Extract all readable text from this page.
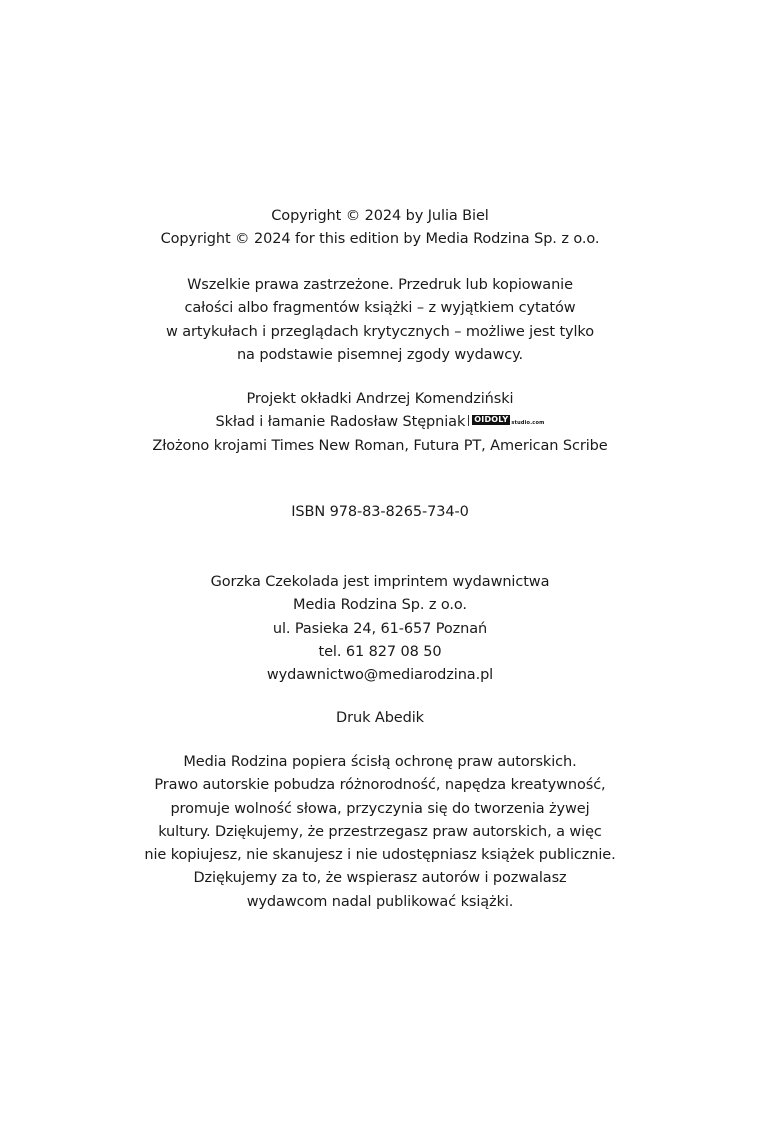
Copyright © 2024 by Julia Biel
Copyright © 2024 for this edition by Media Rodzina Sp. z o.o.
Wszelkie prawa zastrzeżone. Przedruk lub kopiowanie
całości albo fragmentów książki – z wyjątkiem cytatów
w artykułach i przeglądach krytycznych – możliwe jest tylko
na podstawie pisemnej zgody wydawcy.
Projekt okładki Andrzej Komendziński
Skład i łamanie Radosław Stępniak OIDOLY studio.com
Złożono krojami Times New Roman, Futura PT, American Scribe
ISBN 978-83-8265-734-0
Gorzka Czekolada jest imprintem wydawnictwa
Media Rodzina Sp. z o.o.
ul. Pasieka 24, 61-657 Poznań
tel. 61 827 08 50
wydawnictwo@mediarodzina.pl
Druk Abedik
Media Rodzina popiera ścisłą ochronę praw autorskich.
Prawo autorskie pobudza różnorodność, napędza kreatywność,
promuje wolność słowa, przyczynia się do tworzenia żywej
kultury. Dziękujemy, że przestrzegasz praw autorskich, a więc
nie kopiujesz, nie skanujesz i nie udostępniasz książek publicznie.
Dziękujemy za to, że wspierasz autorów i pozwalasz
wydawcom nadal publikować książki.
